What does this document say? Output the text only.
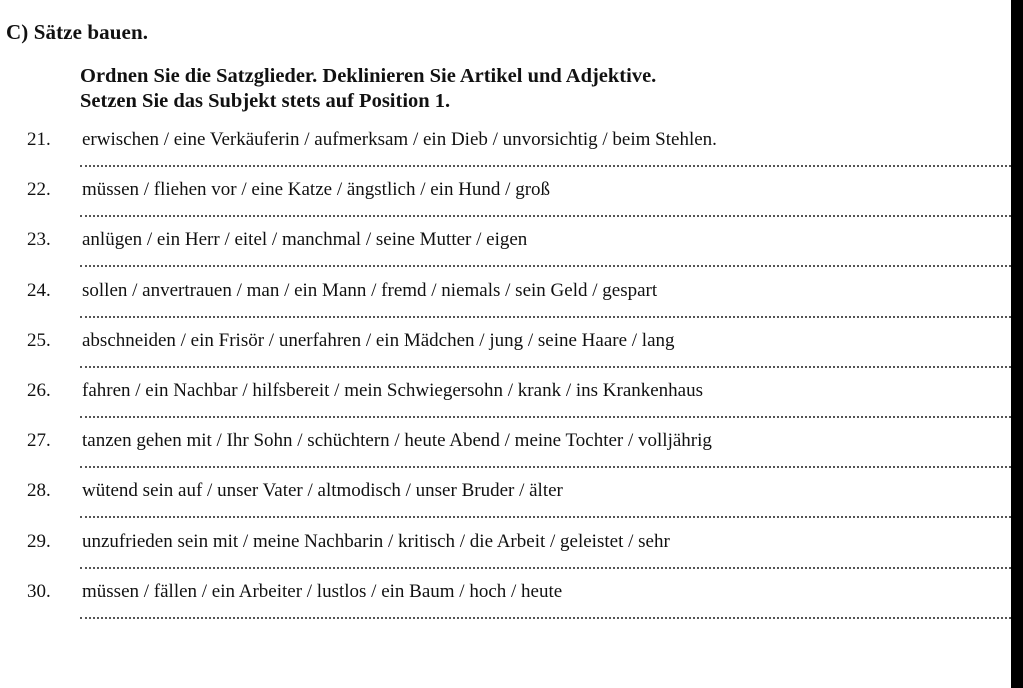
C) Sätze bauen.
Ordnen Sie die Satzglieder. Deklinieren Sie Artikel und Adjektive.
Setzen Sie das Subjekt stets auf Position 1.
21. erwischen / eine Verkäuferin / aufmerksam / ein Dieb / unvorsichtig / beim Stehlen.
22. müssen / fliehen vor / eine Katze / ängstlich / ein Hund / groß
23. anlügen / ein Herr / eitel / manchmal / seine Mutter / eigen
24. sollen / anvertrauen / man / ein Mann / fremd / niemals / sein Geld / gespart
25. abschneiden / ein Frisör / unerfahren / ein Mädchen / jung / seine Haare / lang
26. fahren / ein Nachbar / hilfsbereit / mein Schwiegersohn / krank / ins Krankenhaus
27. tanzen gehen mit / Ihr Sohn / schüchtern / heute Abend / meine Tochter / volljährig
28. wütend sein auf / unser Vater / altmodisch / unser Bruder / älter
29. unzufrieden sein mit / meine Nachbarin / kritisch / die Arbeit / geleistet / sehr
30. müssen / fällen / ein Arbeiter / lustlos / ein Baum / hoch / heute
